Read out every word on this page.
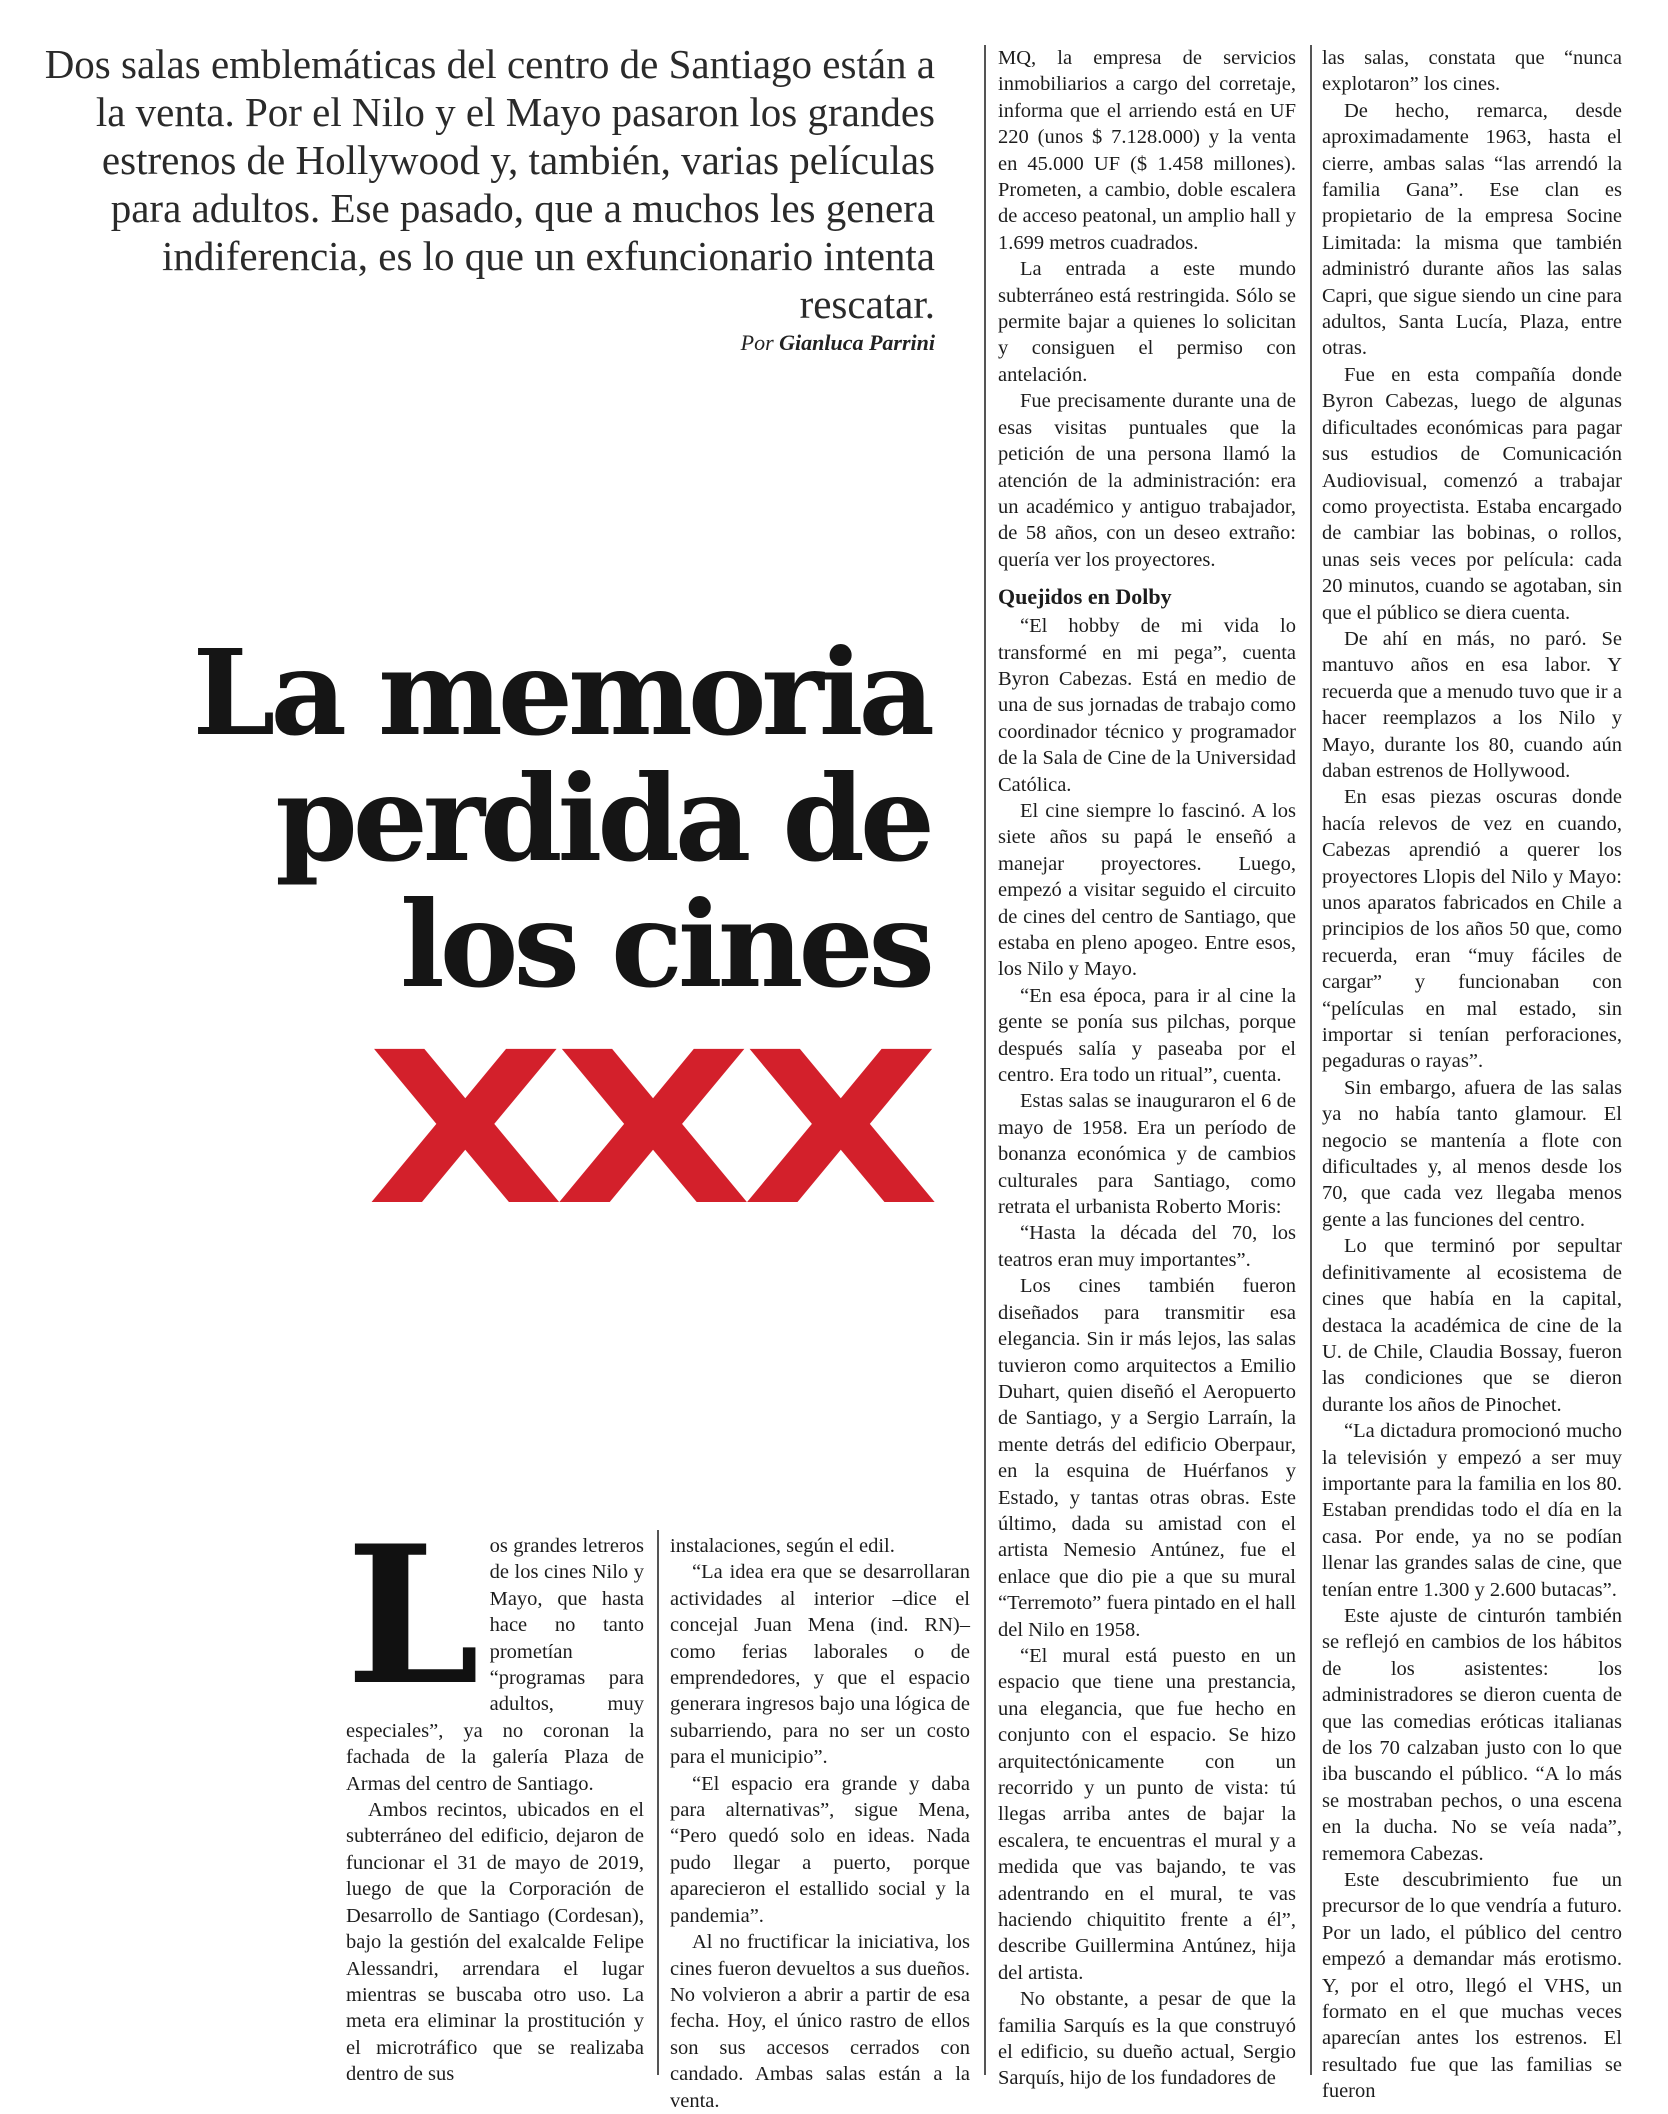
Dos salas emblemáticas del centro de Santiago están a la venta. Por el Nilo y el Mayo pasaron los grandes estrenos de Hollywood y, también, varias películas para adultos. Ese pasado, que a muchos les genera indiferencia, es lo que un exfuncionario intenta rescatar.
Por Gianluca Parrini
La memoria
perdida de
los cines
XXX
L os grandes letreros de los cines Nilo y Mayo, que hasta hace no tanto prometían “programas para adultos, muy especiales”, ya no coronan la fachada de la galería Plaza de Armas del centro de Santiago.

Ambos recintos, ubicados en el subterráneo del edificio, dejaron de funcionar el 31 de mayo de 2019, luego de que la Corporación de Desarrollo de Santiago (Cordesan), bajo la gestión del exalcalde Felipe Alessandri, arrendara el lugar mientras se buscaba otro uso. La meta era eliminar la prostitución y el microtráfico que se realizaba dentro de sus

instalaciones, según el edil.

“La idea era que se desarrollaran actividades al interior –dice el concejal Juan Mena (ind. RN)– como ferias laborales o de emprendedores, y que el espacio generara ingresos bajo una lógica de subarriendo, para no ser un costo para el municipio”.

“El espacio era grande y daba para alternativas”, sigue Mena, “Pero quedó solo en ideas. Nada pudo llegar a puerto, porque aparecieron el estallido social y la pandemia”.

Al no fructificar la iniciativa, los cines fueron devueltos a sus dueños. No volvieron a abrir a partir de esa fecha. Hoy, el único rastro de ellos son sus accesos cerrados con candado. Ambas salas están a la venta.

MQ, la empresa de servicios inmobiliarios a cargo del corretaje, informa que el arriendo está en UF 220 (unos $ 7.128.000) y la venta en 45.000 UF ($ 1.458 millones). Prometen, a cambio, doble escalera de acceso peatonal, un amplio hall y 1.699 metros cuadrados.

La entrada a este mundo subterráneo está restringida. Sólo se permite bajar a quienes lo solicitan y consiguen el permiso con antelación.

Fue precisamente durante una de esas visitas puntuales que la petición de una persona llamó la atención de la administración: era un académico y antiguo trabajador, de 58 años, con un deseo extraño: quería ver los proyectores.

Quejidos en Dolby

“El hobby de mi vida lo transformé en mi pega”, cuenta Byron Cabezas. Está en medio de una de sus jornadas de trabajo como coordinador técnico y programador de la Sala de Cine de la Universidad Católica.

El cine siempre lo fascinó. A los siete años su papá le enseñó a manejar proyectores. Luego, empezó a visitar seguido el circuito de cines del centro de Santiago, que estaba en pleno apogeo. Entre esos, los Nilo y Mayo.

“En esa época, para ir al cine la gente se ponía sus pilchas, porque después salía y paseaba por el centro. Era todo un ritual”, cuenta.

Estas salas se inauguraron el 6 de mayo de 1958. Era un período de bonanza económica y de cambios culturales para Santiago, como retrata el urbanista Roberto Moris:

“Hasta la década del 70, los teatros eran muy importantes”.

Los cines también fueron diseñados para transmitir esa elegancia. Sin ir más lejos, las salas tuvieron como arquitectos a Emilio Duhart, quien diseñó el Aeropuerto de Santiago, y a Sergio Larraín, la mente detrás del edificio Oberpaur, en la esquina de Huérfanos y Estado, y tantas otras obras. Este último, dada su amistad con el artista Nemesio Antúnez, fue el enlace que dio pie a que su mural “Terremoto” fuera pintado en el hall del Nilo en 1958.

“El mural está puesto en un espacio que tiene una prestancia, una elegancia, que fue hecho en conjunto con el espacio. Se hizo arquitectónicamente con un recorrido y un punto de vista: tú llegas arriba antes de bajar la escalera, te encuentras el mural y a medida que vas bajando, te vas adentrando en el mural, te vas haciendo chiquitito frente a él”, describe Guillermina Antúnez, hija del artista.

No obstante, a pesar de que la familia Sarquís es la que construyó el edificio, su dueño actual, Sergio Sarquís, hijo de los fundadores de

las salas, constata que “nunca explotaron” los cines.

De hecho, remarca, desde aproximadamente 1963, hasta el cierre, ambas salas “las arrendó la familia Gana”. Ese clan es propietario de la empresa Socine Limitada: la misma que también administró durante años las salas Capri, que sigue siendo un cine para adultos, Santa Lucía, Plaza, entre otras.

Fue en esta compañía donde Byron Cabezas, luego de algunas dificultades económicas para pagar sus estudios de Comunicación Audiovisual, comenzó a trabajar como proyectista. Estaba encargado de cambiar las bobinas, o rollos, unas seis veces por película: cada 20 minutos, cuando se agotaban, sin que el público se diera cuenta.

De ahí en más, no paró. Se mantuvo años en esa labor. Y recuerda que a menudo tuvo que ir a hacer reemplazos a los Nilo y Mayo, durante los 80, cuando aún daban estrenos de Hollywood.

En esas piezas oscuras donde hacía relevos de vez en cuando, Cabezas aprendió a querer los proyectores Llopis del Nilo y Mayo: unos aparatos fabricados en Chile a principios de los años 50 que, como recuerda, eran “muy fáciles de cargar” y funcionaban con “películas en mal estado, sin importar si tenían perforaciones, pegaduras o rayas”.

Sin embargo, afuera de las salas ya no había tanto glamour. El negocio se mantenía a flote con dificultades y, al menos desde los 70, que cada vez llegaba menos gente a las funciones del centro.

Lo que terminó por sepultar definitivamente al ecosistema de cines que había en la capital, destaca la académica de cine de la U. de Chile, Claudia Bossay, fueron las condiciones que se dieron durante los años de Pinochet.

“La dictadura promocionó mucho la televisión y empezó a ser muy importante para la familia en los 80. Estaban prendidas todo el día en la casa. Por ende, ya no se podían llenar las grandes salas de cine, que tenían entre 1.300 y 2.600 butacas”.

Este ajuste de cinturón también se reflejó en cambios de los hábitos de los asistentes: los administradores se dieron cuenta de que las comedias eróticas italianas de los 70 calzaban justo con lo que iba buscando el público. “A lo más se mostraban pechos, o una escena en la ducha. No se veía nada”, rememora Cabezas.

Este descubrimiento fue un precursor de lo que vendría a futuro. Por un lado, el público del centro empezó a demandar más erotismo. Y, por el otro, llegó el VHS, un formato en el que muchas veces aparecían antes los estrenos. El resultado fue que las familias se fueron
